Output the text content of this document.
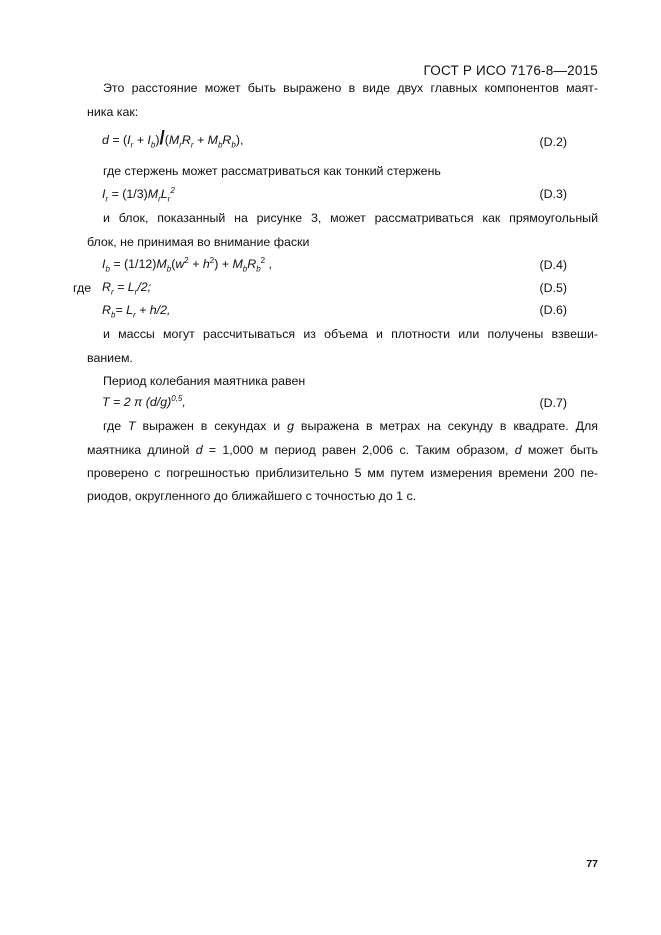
ГОСТ Р ИСО 7176-8—2015
Это расстояние может быть выражено в виде двух главных компонентов маят-
ника как:
$d = (I_r + I_b)/(M_rR_r + M_bR_b)$,	(D.2)
где стержень может рассматриваться как тонкий стержень
$I_r = (1/3)M_rL_r^2$	(D.3)
и блок, показанный на рисунке 3, может рассматриваться как прямоугольный
блок, не принимая во внимание фаски
$I_b = (1/12)M_b(w^2 + h^2) + M_bR_b^2$ ,	(D.4)
где $R_r = L_r/2$;	(D.5)
$R_b= L_r + h/2$,	(D.6)
и массы могут рассчитываться из объема и плотности или получены взвеши-
ванием.
Период колебания маятника равен
T = 2 π $(d/g)^{0,5}$,	(D.7)
где T выражен в секундах и g выражена в метрах на секунду в квадрате. Для
маятника длиной d = 1,000 м период равен 2,006 с. Таким образом, d может быть
проверено с погрешностью приблизительно 5 мм путем измерения времени 200 пе-
риодов, округленного до ближайшего с точностью до 1 с.
77
